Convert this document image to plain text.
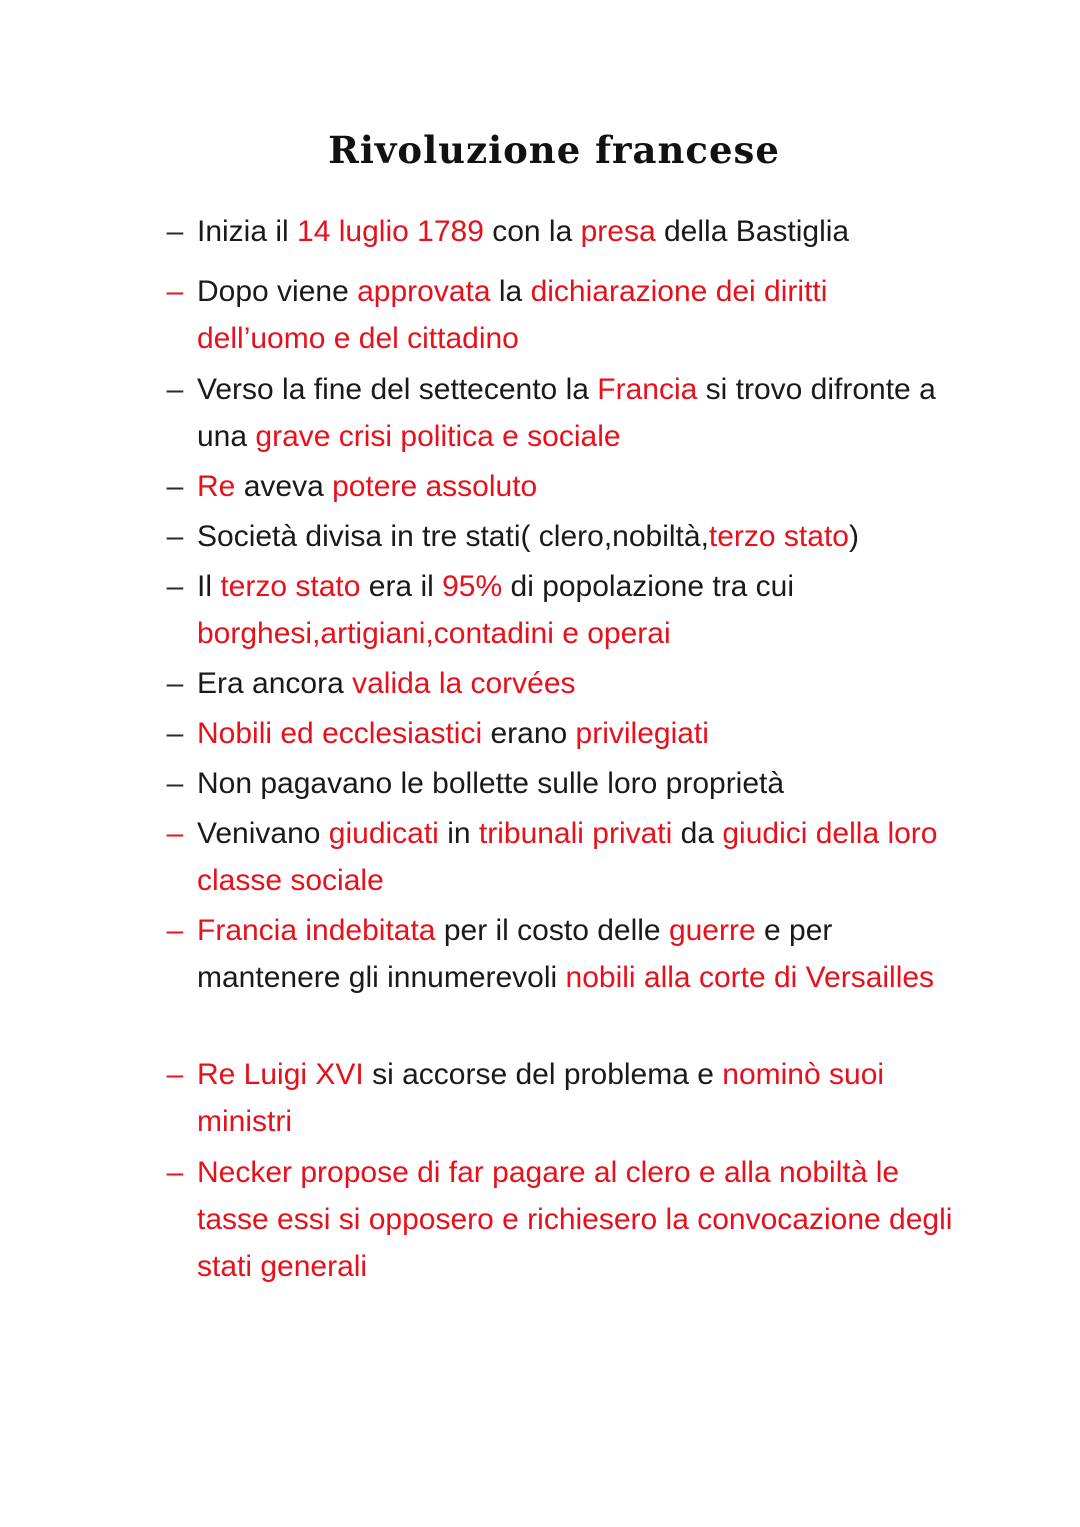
Rivoluzione francese
– Inizia il 14 luglio 1789 con la presa della Bastiglia
– Dopo viene approvata la dichiarazione dei diritti dell’uomo e del cittadino
– Verso la fine del settecento la Francia si trovo difronte a una grave crisi politica e sociale
– Re aveva potere assoluto
– Società divisa in tre stati( clero,nobiltà,terzo stato)
– Il terzo stato era il 95% di popolazione tra cui borghesi,artigiani,contadini e operai
– Era ancora valida la corvées
– Nobili ed ecclesiastici erano privilegiati
– Non pagavano le bollette sulle loro proprietà
– Venivano giudicati in tribunali privati da giudici della loro classe sociale
– Francia indebitata per il costo delle guerre e per mantenere gli innumerevoli nobili alla corte di Versailles
– Re Luigi XVI si accorse del problema e nominò suoi ministri
– Necker propose di far pagare al clero e alla nobiltà le tasse essi si opposero e richiesero la convocazione degli stati generali
